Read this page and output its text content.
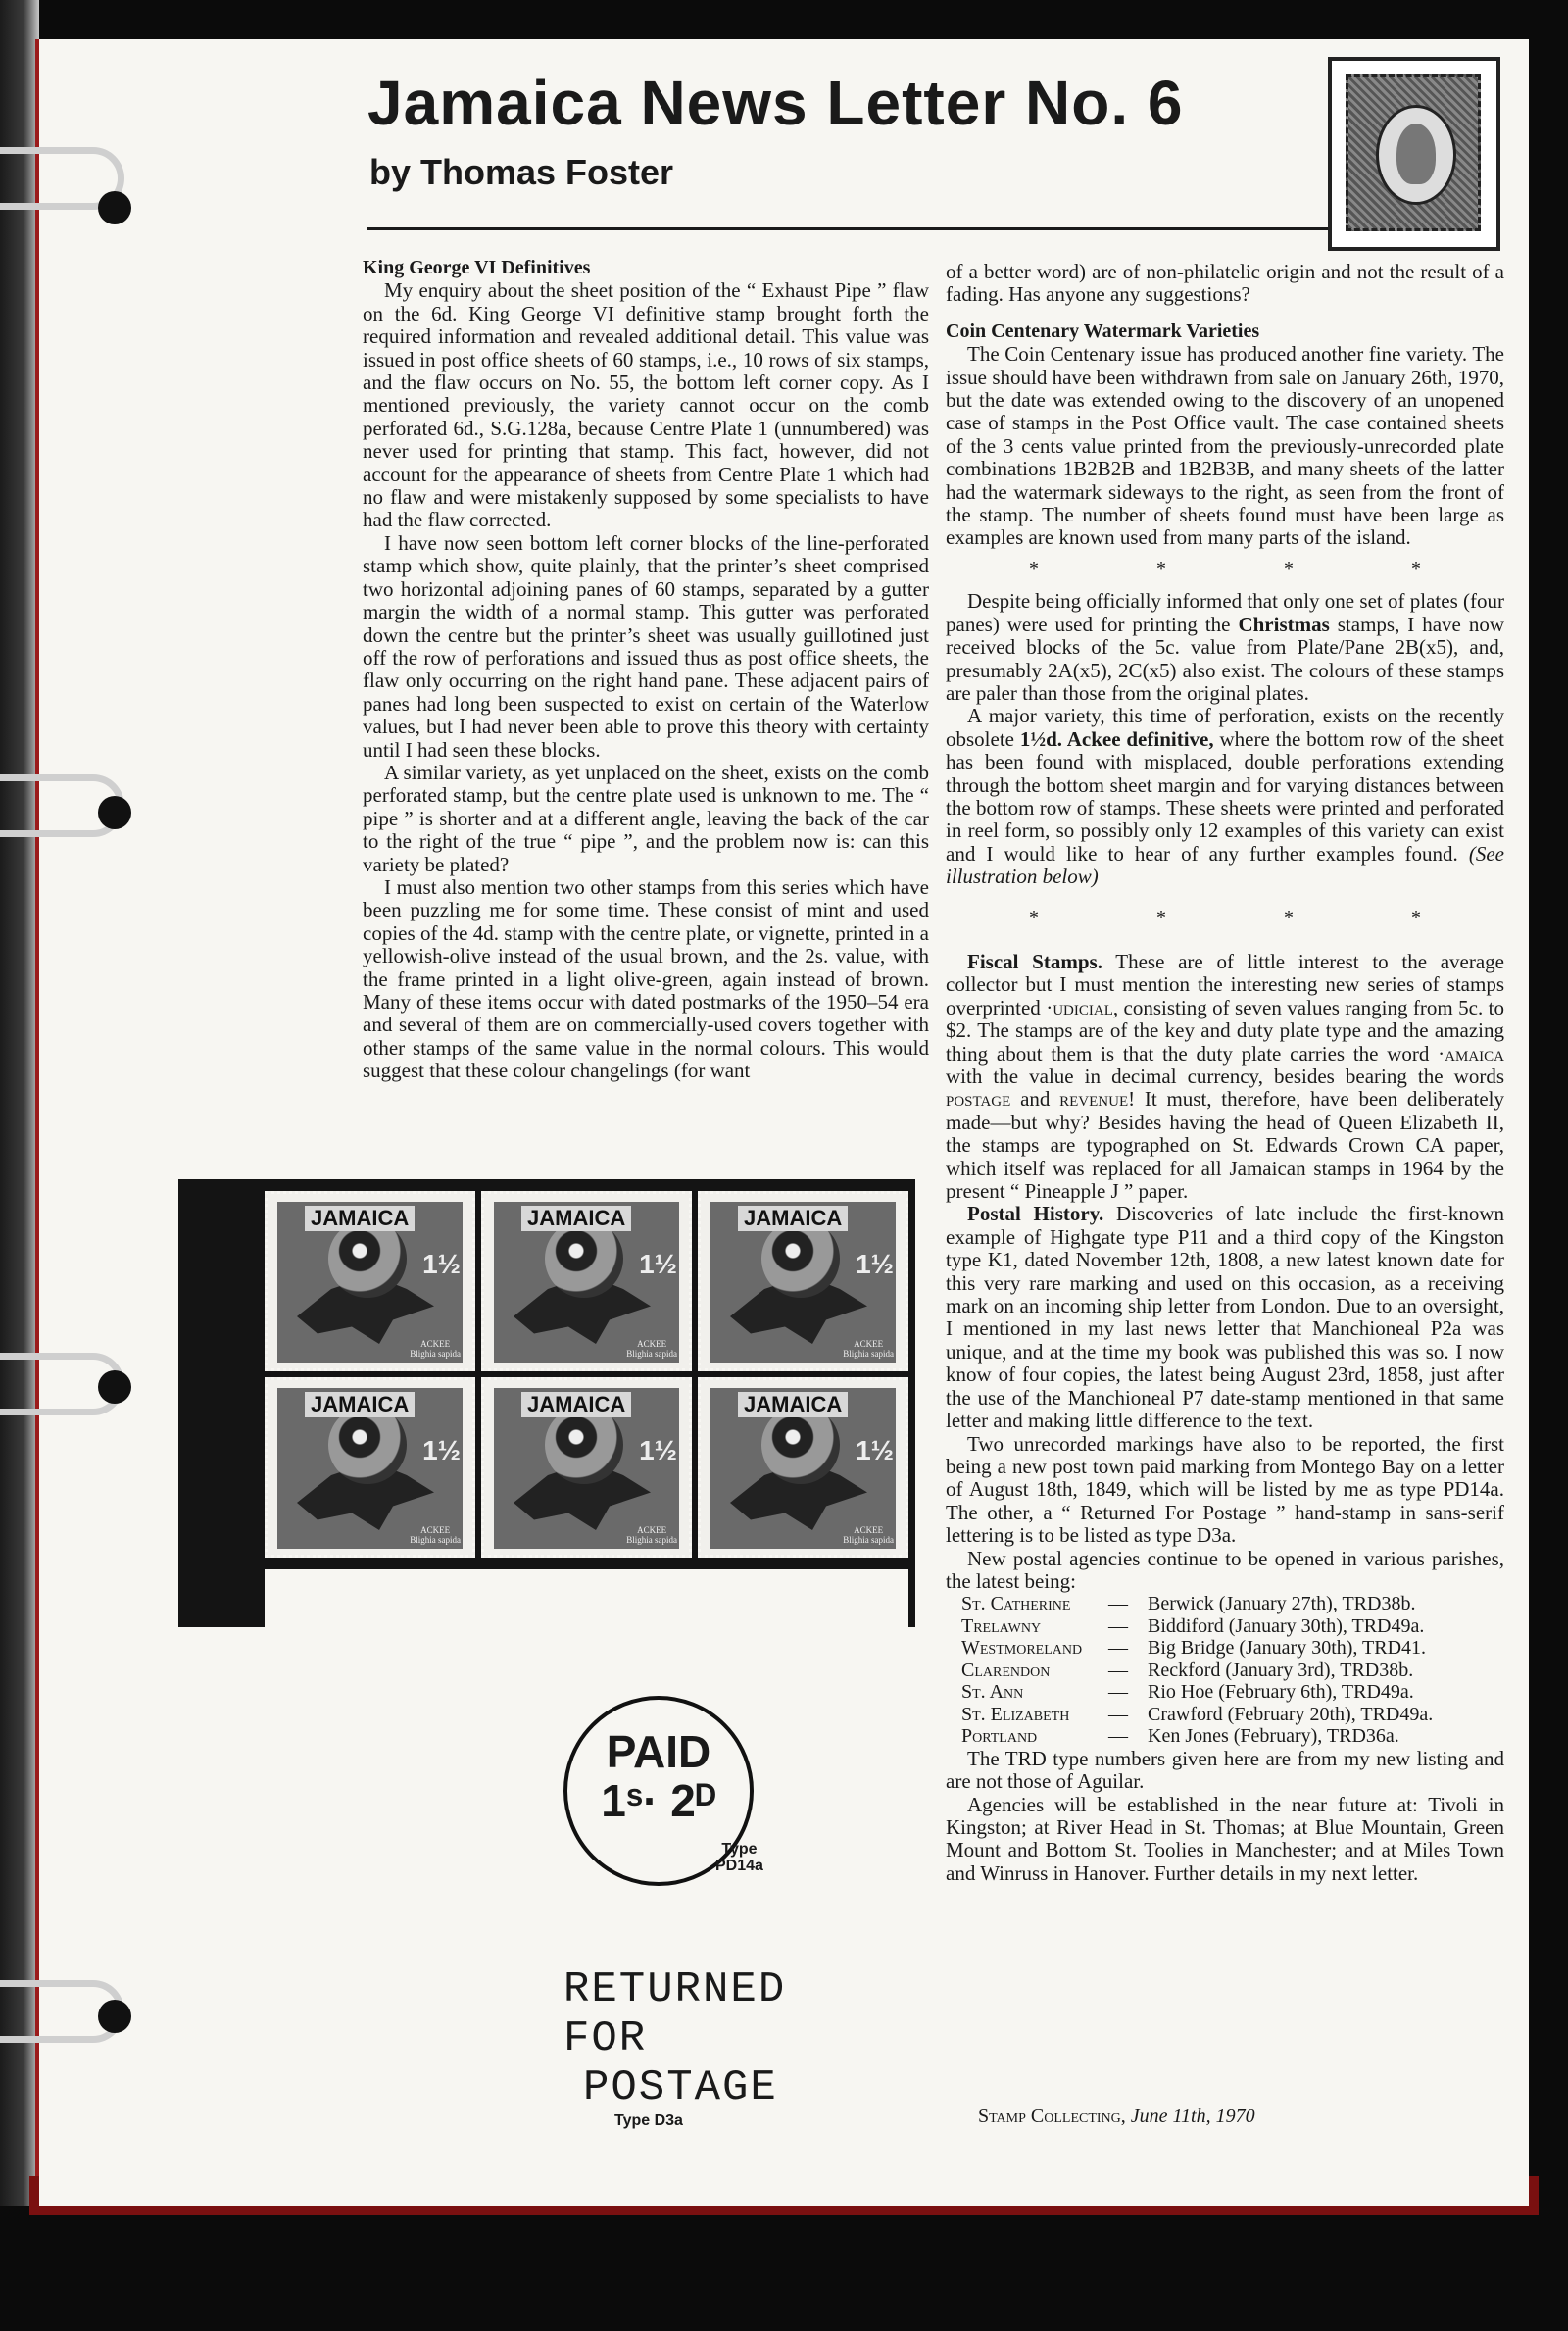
Jamaica News Letter No. 6
by Thomas Foster

King George VI Definitives

My enquiry about the sheet position of the “ Exhaust Pipe ” flaw on the 6d. King George VI definitive stamp brought forth the required information and revealed additional detail. This value was issued in post office sheets of 60 stamps, i.e., 10 rows of six stamps, and the flaw occurs on No. 55, the bottom left corner copy. As I mentioned previously, the variety cannot occur on the comb perforated 6d., S.G.128a, because Centre Plate 1 (unnumbered) was never used for printing that stamp. This fact, however, did not account for the appearance of sheets from Centre Plate 1 which had no flaw and were mistakenly supposed by some specialists to have had the flaw corrected.

I have now seen bottom left corner blocks of the line-perforated stamp which show, quite plainly, that the printer’s sheet comprised two horizontal adjoining panes of 60 stamps, separated by a gutter margin the width of a normal stamp. This gutter was perforated down the centre but the printer’s sheet was usually guillotined just off the row of perforations and issued thus as post office sheets, the flaw only occurring on the right hand pane. These adjacent pairs of panes had long been suspected to exist on certain of the Waterlow values, but I had never been able to prove this theory with certainty until I had seen these blocks.

A similar variety, as yet unplaced on the sheet, exists on the comb perforated stamp, but the centre plate used is unknown to me. The “ pipe ” is shorter and at a different angle, leaving the back of the car to the right of the true “ pipe ”, and the problem now is: can this variety be plated?

I must also mention two other stamps from this series which have been puzzling me for some time. These consist of mint and used copies of the 4d. stamp with the centre plate, or vignette, printed in a yellowish-olive instead of the usual brown, and the 2s. value, with the frame printed in a light olive-green, again instead of brown. Many of these items occur with dated postmarks of the 1950–54 era and several of them are on commercially-used covers together with other stamps of the same value in the normal colours. This would suggest that these colour changelings (for want

of a better word) are of non-philatelic origin and not the result of a fading. Has anyone any suggestions?

Coin Centenary Watermark Varieties

The Coin Centenary issue has produced another fine variety. The issue should have been withdrawn from sale on January 26th, 1970, but the date was extended owing to the discovery of an unopened case of stamps in the Post Office vault. The case contained sheets of the 3 cents value printed from the previously-unrecorded plate combinations 1B2B2B and 1B2B3B, and many sheets of the latter had the watermark sideways to the right, as seen from the front of the stamp. The number of sheets found must have been large as examples are known used from many parts of the island.

*	*	*	*

Despite being officially informed that only one set of plates (four panes) were used for printing the Christmas stamps, I have now received blocks of the 5c. value from Plate/Pane 2B(x5), and, presumably 2A(x5), 2C(x5) also exist. The colours of these stamps are paler than those from the original plates.

A major variety, this time of perforation, exists on the recently obsolete 1½d. Ackee definitive, where the bottom row of the sheet has been found with misplaced, double perforations extending through the bottom sheet margin and for varying distances between the bottom row of stamps. These sheets were printed and perforated in reel form, so possibly only 12 examples of this variety can exist and I would like to hear of any further examples found. (See illustration below)

*	*	*	*

Fiscal Stamps. These are of little interest to the average collector but I must mention the interesting new series of stamps overprinted ·udicial, consisting of seven values ranging from 5c. to $2. The stamps are of the key and duty plate type and the amazing thing about them is that the duty plate carries the word ·amaica with the value in decimal currency, besides bearing the words postage and revenue! It must, therefore, have been deliberately made—but why? Besides having the head of Queen Elizabeth II, the stamps are typographed on St. Edwards Crown CA paper, which itself was replaced for all Jamaican stamps in 1964 by the present “ Pineapple J ” paper.

Postal History. Discoveries of late include the first-known example of Highgate type P11 and a third copy of the Kingston type K1, dated November 12th, 1808, a new latest known date for this very rare marking and used on this occasion, as a receiving mark on an incoming ship letter from London. Due to an oversight, I mentioned in my last news letter that Manchioneal P2a was unique, and at the time my book was published this was so. I now know of four copies, the latest being August 23rd, 1858, just after the use of the Manchioneal P7 date-stamp mentioned in that same letter and making little difference to the text.

Two unrecorded markings have also to be reported, the first being a new post town paid marking from Montego Bay on a letter of August 18th, 1849, which will be listed by me as type PD14a. The other, a “ Returned For Postage ” hand-stamp in sans-serif lettering is to be listed as type D3a.

New postal agencies continue to be opened in various parishes, the latest being:

St. Catherine	—	Berwick (January 27th), TRD38b.
Trelawny	—	Biddiford (January 30th), TRD49a.
Westmoreland	—	Big Bridge (January 30th), TRD41.
Clarendon	—	Reckford (January 3rd), TRD38b.
St. Ann	—	Rio Hoe (February 6th), TRD49a.
St. Elizabeth	—	Crawford (February 20th), TRD49a.
Portland	—	Ken Jones (February), TRD36a.

The TRD type numbers given here are from my new listing and are not those of Aguilar.

Agencies will be established in the near future at: Tivoli in Kingston; at River Head in St. Thomas; at Blue Mountain, Green Mount and Bottom St. Toolies in Manchester; and at Miles Town and Winruss in Hanover. Further details in my next letter.

JAMAICA
1½
ACKEE
Blighia sapida
JAMAICA
1½
ACKEE
Blighia sapida
JAMAICA
1½
ACKEE
Blighia sapida
JAMAICA
1½
ACKEE
Blighia sapida
JAMAICA
1½
ACKEE
Blighia sapida
JAMAICA
1½
ACKEE
Blighia sapida
PAID
1ˢ· 2ᴰ
Type
PD14a
RETURNED
FOR
POSTAGE
Type D3a	Stamp Collecting, June 11th, 1970
